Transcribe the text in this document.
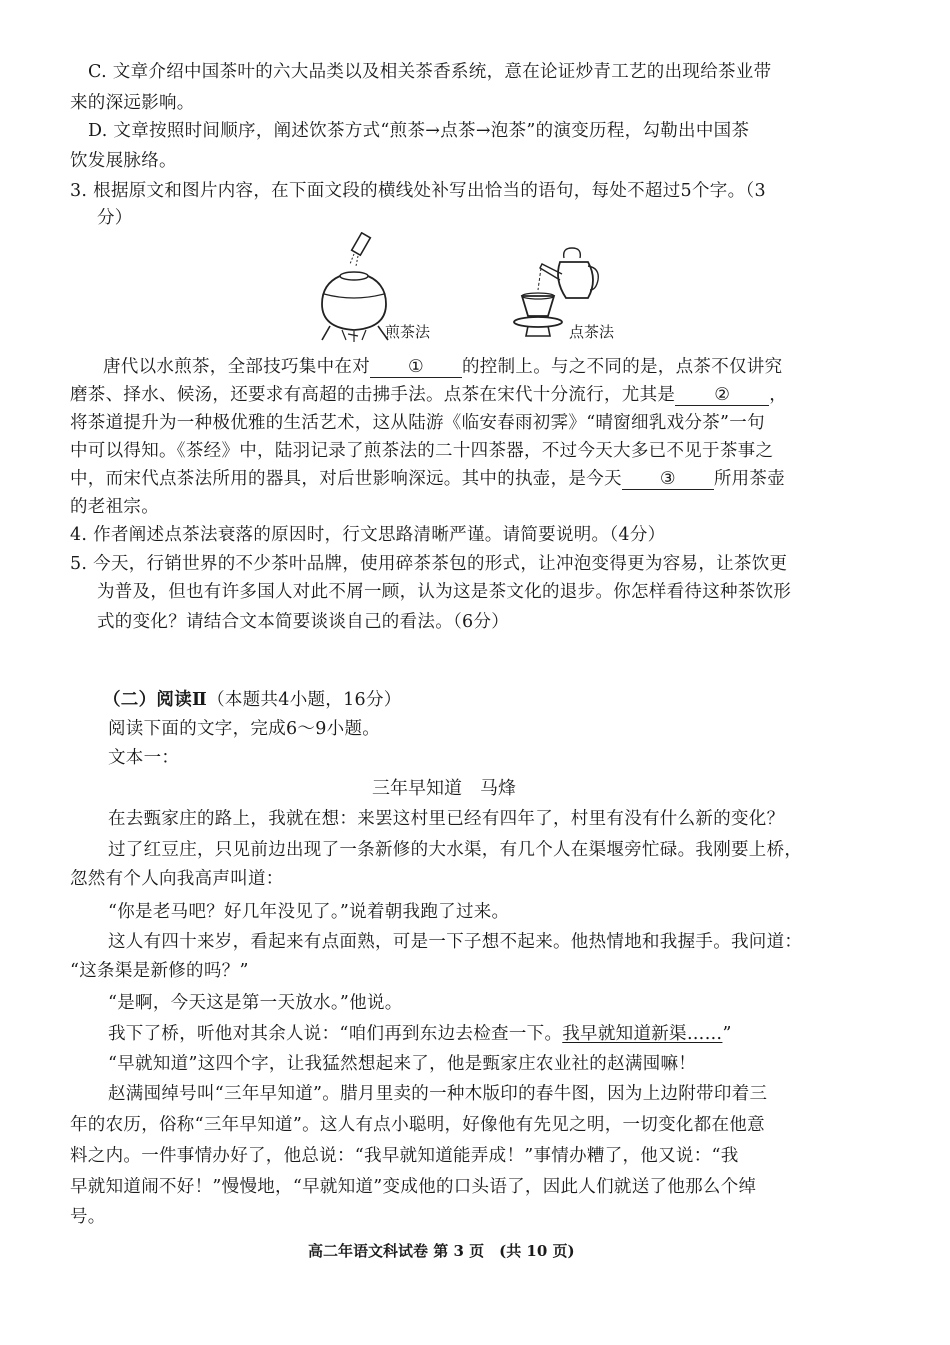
C. 文章介绍中国茶叶的六大品类以及相关茶香系统，意在论证炒青工艺的出现给茶业带
来的深远影响。
D. 文章按照时间顺序，阐述饮茶方式“煎茶→点茶→泡茶”的演变历程，勾勒出中国茶
饮发展脉络。
3. 根据原文和图片内容，在下面文段的横线处补写出恰当的语句，每处不超过5个字。（3
分）
煎茶法	点茶法
唐代以水煎茶，全部技巧集中在对 ① 的控制上。与之不同的是，点茶不仅讲究
磨茶、择水、候汤，还要求有高超的击拂手法。点茶在宋代十分流行，尤其是 ② ，
将茶道提升为一种极优雅的生活艺术，这从陆游《临安春雨初霁》“晴窗细乳戏分茶”一句
中可以得知。《茶经》中，陆羽记录了煎茶法的二十四茶器，不过今天大多已不见于茶事之
中，而宋代点茶法所用的器具，对后世影响深远。其中的执壶，是今天 ③ 所用茶壶
的老祖宗。
4. 作者阐述点茶法衰落的原因时，行文思路清晰严谨。请简要说明。（4分）
5. 今天，行销世界的不少茶叶品牌，使用碎茶茶包的形式，让冲泡变得更为容易，让茶饮更
为普及，但也有许多国人对此不屑一顾，认为这是茶文化的退步。你怎样看待这种茶饮形
式的变化？请结合文本简要谈谈自己的看法。（6分）
（二）阅读Ⅱ（本题共4小题，16分）
阅读下面的文字，完成6～9小题。
文本一：
三年早知道　马烽
在去甄家庄的路上，我就在想：来罢这村里已经有四年了，村里有没有什么新的变化？
过了红豆庄，只见前边出现了一条新修的大水渠，有几个人在渠堰旁忙碌。我刚要上桥，
忽然有个人向我高声叫道：
“你是老马吧？好几年没见了。”说着朝我跑了过来。
这人有四十来岁，看起来有点面熟，可是一下子想不起来。他热情地和我握手。我问道：
“这条渠是新修的吗？”
“是啊，今天这是第一天放水。”他说。
我下了桥，听他对其余人说：“咱们再到东边去检查一下。我早就知道新渠……”
“早就知道”这四个字，让我猛然想起来了，他是甄家庄农业社的赵满囤嘛！
赵满囤绰号叫“三年早知道”。腊月里卖的一种木版印的春牛图，因为上边附带印着三
年的农历，俗称“三年早知道”。这人有点小聪明，好像他有先见之明，一切变化都在他意
料之内。一件事情办好了，他总说：“我早就知道能弄成！”事情办糟了，他又说：“我
早就知道闹不好！”慢慢地，“早就知道”变成他的口头语了，因此人们就送了他那么个绰
号。
高二年语文科试卷 第 3 页　(共 10 页)
